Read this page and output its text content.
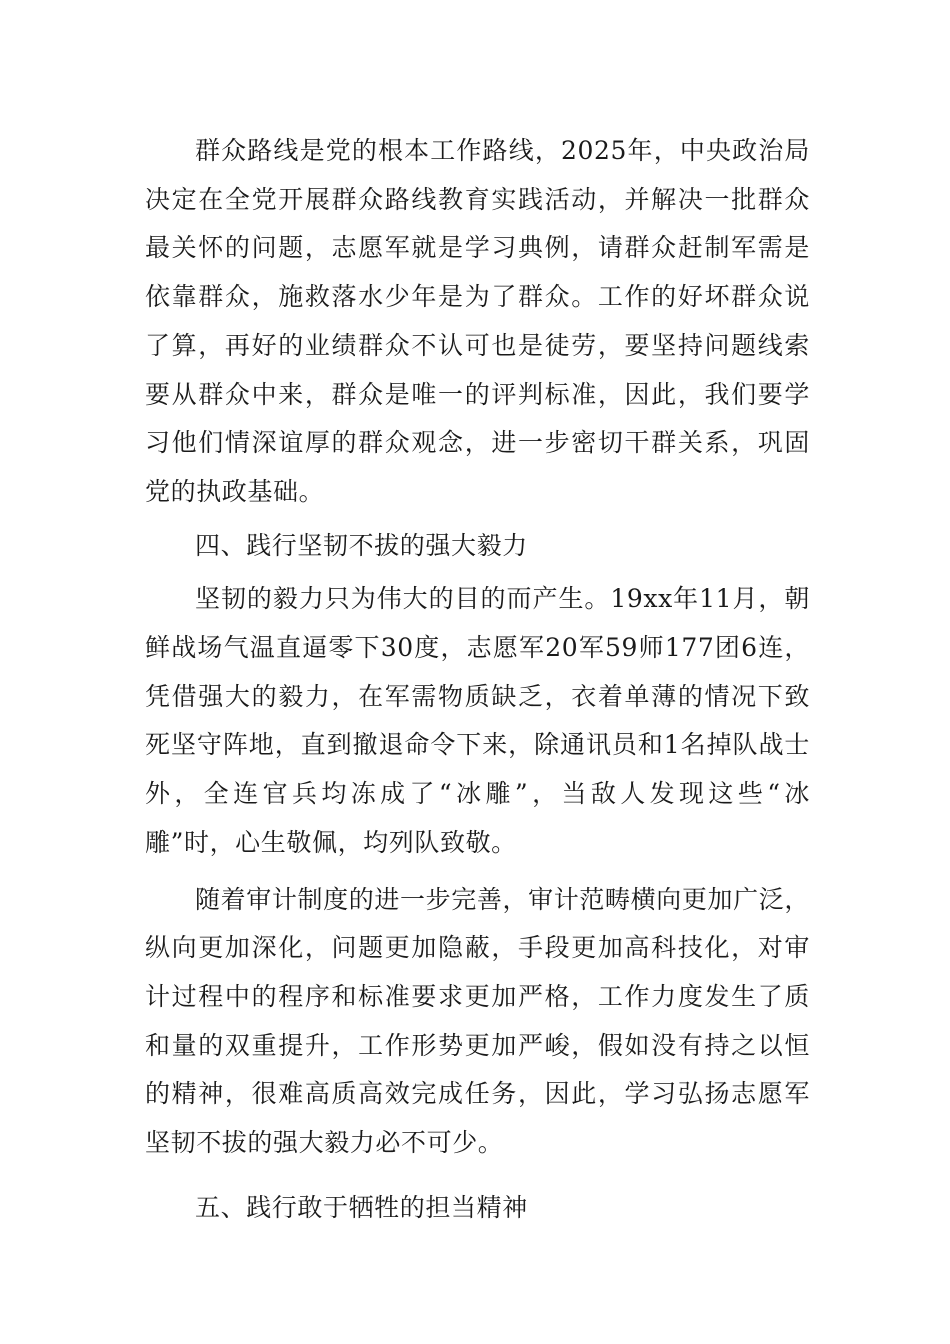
群众路线是党的根本工作路线，2025年，中央政治局决定在全党开展群众路线教育实践活动，并解决一批群众最关怀的问题，志愿军就是学习典例，请群众赶制军需是依靠群众，施救落水少年是为了群众。工作的好坏群众说了算，再好的业绩群众不认可也是徒劳，要坚持问题线索要从群众中来，群众是唯一的评判标准，因此，我们要学习他们情深谊厚的群众观念，进一步密切干群关系，巩固党的执政基础。

四、践行坚韧不拔的强大毅力

坚韧的毅力只为伟大的目的而产生。19xx年11月，朝鲜战场气温直逼零下30度，志愿军20军59师177团6连，凭借强大的毅力，在军需物质缺乏，衣着单薄的情况下致死坚守阵地，直到撤退命令下来，除通讯员和1名掉队战士外，全连官兵均冻成了“冰雕”，当敌人发现这些“冰雕”时，心生敬佩，均列队致敬。

随着审计制度的进一步完善，审计范畴横向更加广泛，纵向更加深化，问题更加隐蔽，手段更加高科技化，对审计过程中的程序和标准要求更加严格，工作力度发生了质和量的双重提升，工作形势更加严峻，假如没有持之以恒的精神，很难高质高效完成任务，因此，学习弘扬志愿军坚韧不拔的强大毅力必不可少。

五、践行敢于牺牲的担当精神
